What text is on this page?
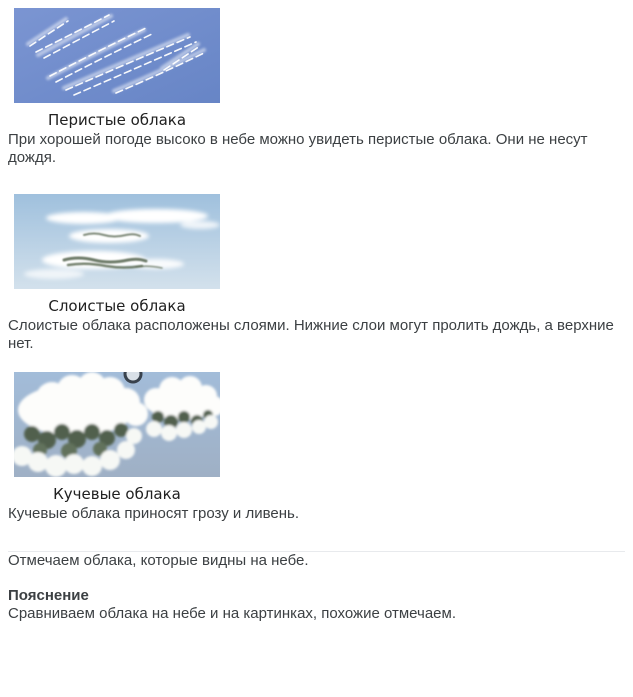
Перистые облака

При хорошей погоде высоко в небе можно увидеть перистые облака. Они не несут дождя.

Слоистые облака

Слоистые облака расположены слоями. Нижние слои могут пролить дождь, а верхние нет.

Кучевые облака

Кучевые облака приносят грозу и ливень.

Отмечаем облака, которые видны на небе.

Пояснение

Сравниваем облака на небе и на картинках, похожие отмечаем.
